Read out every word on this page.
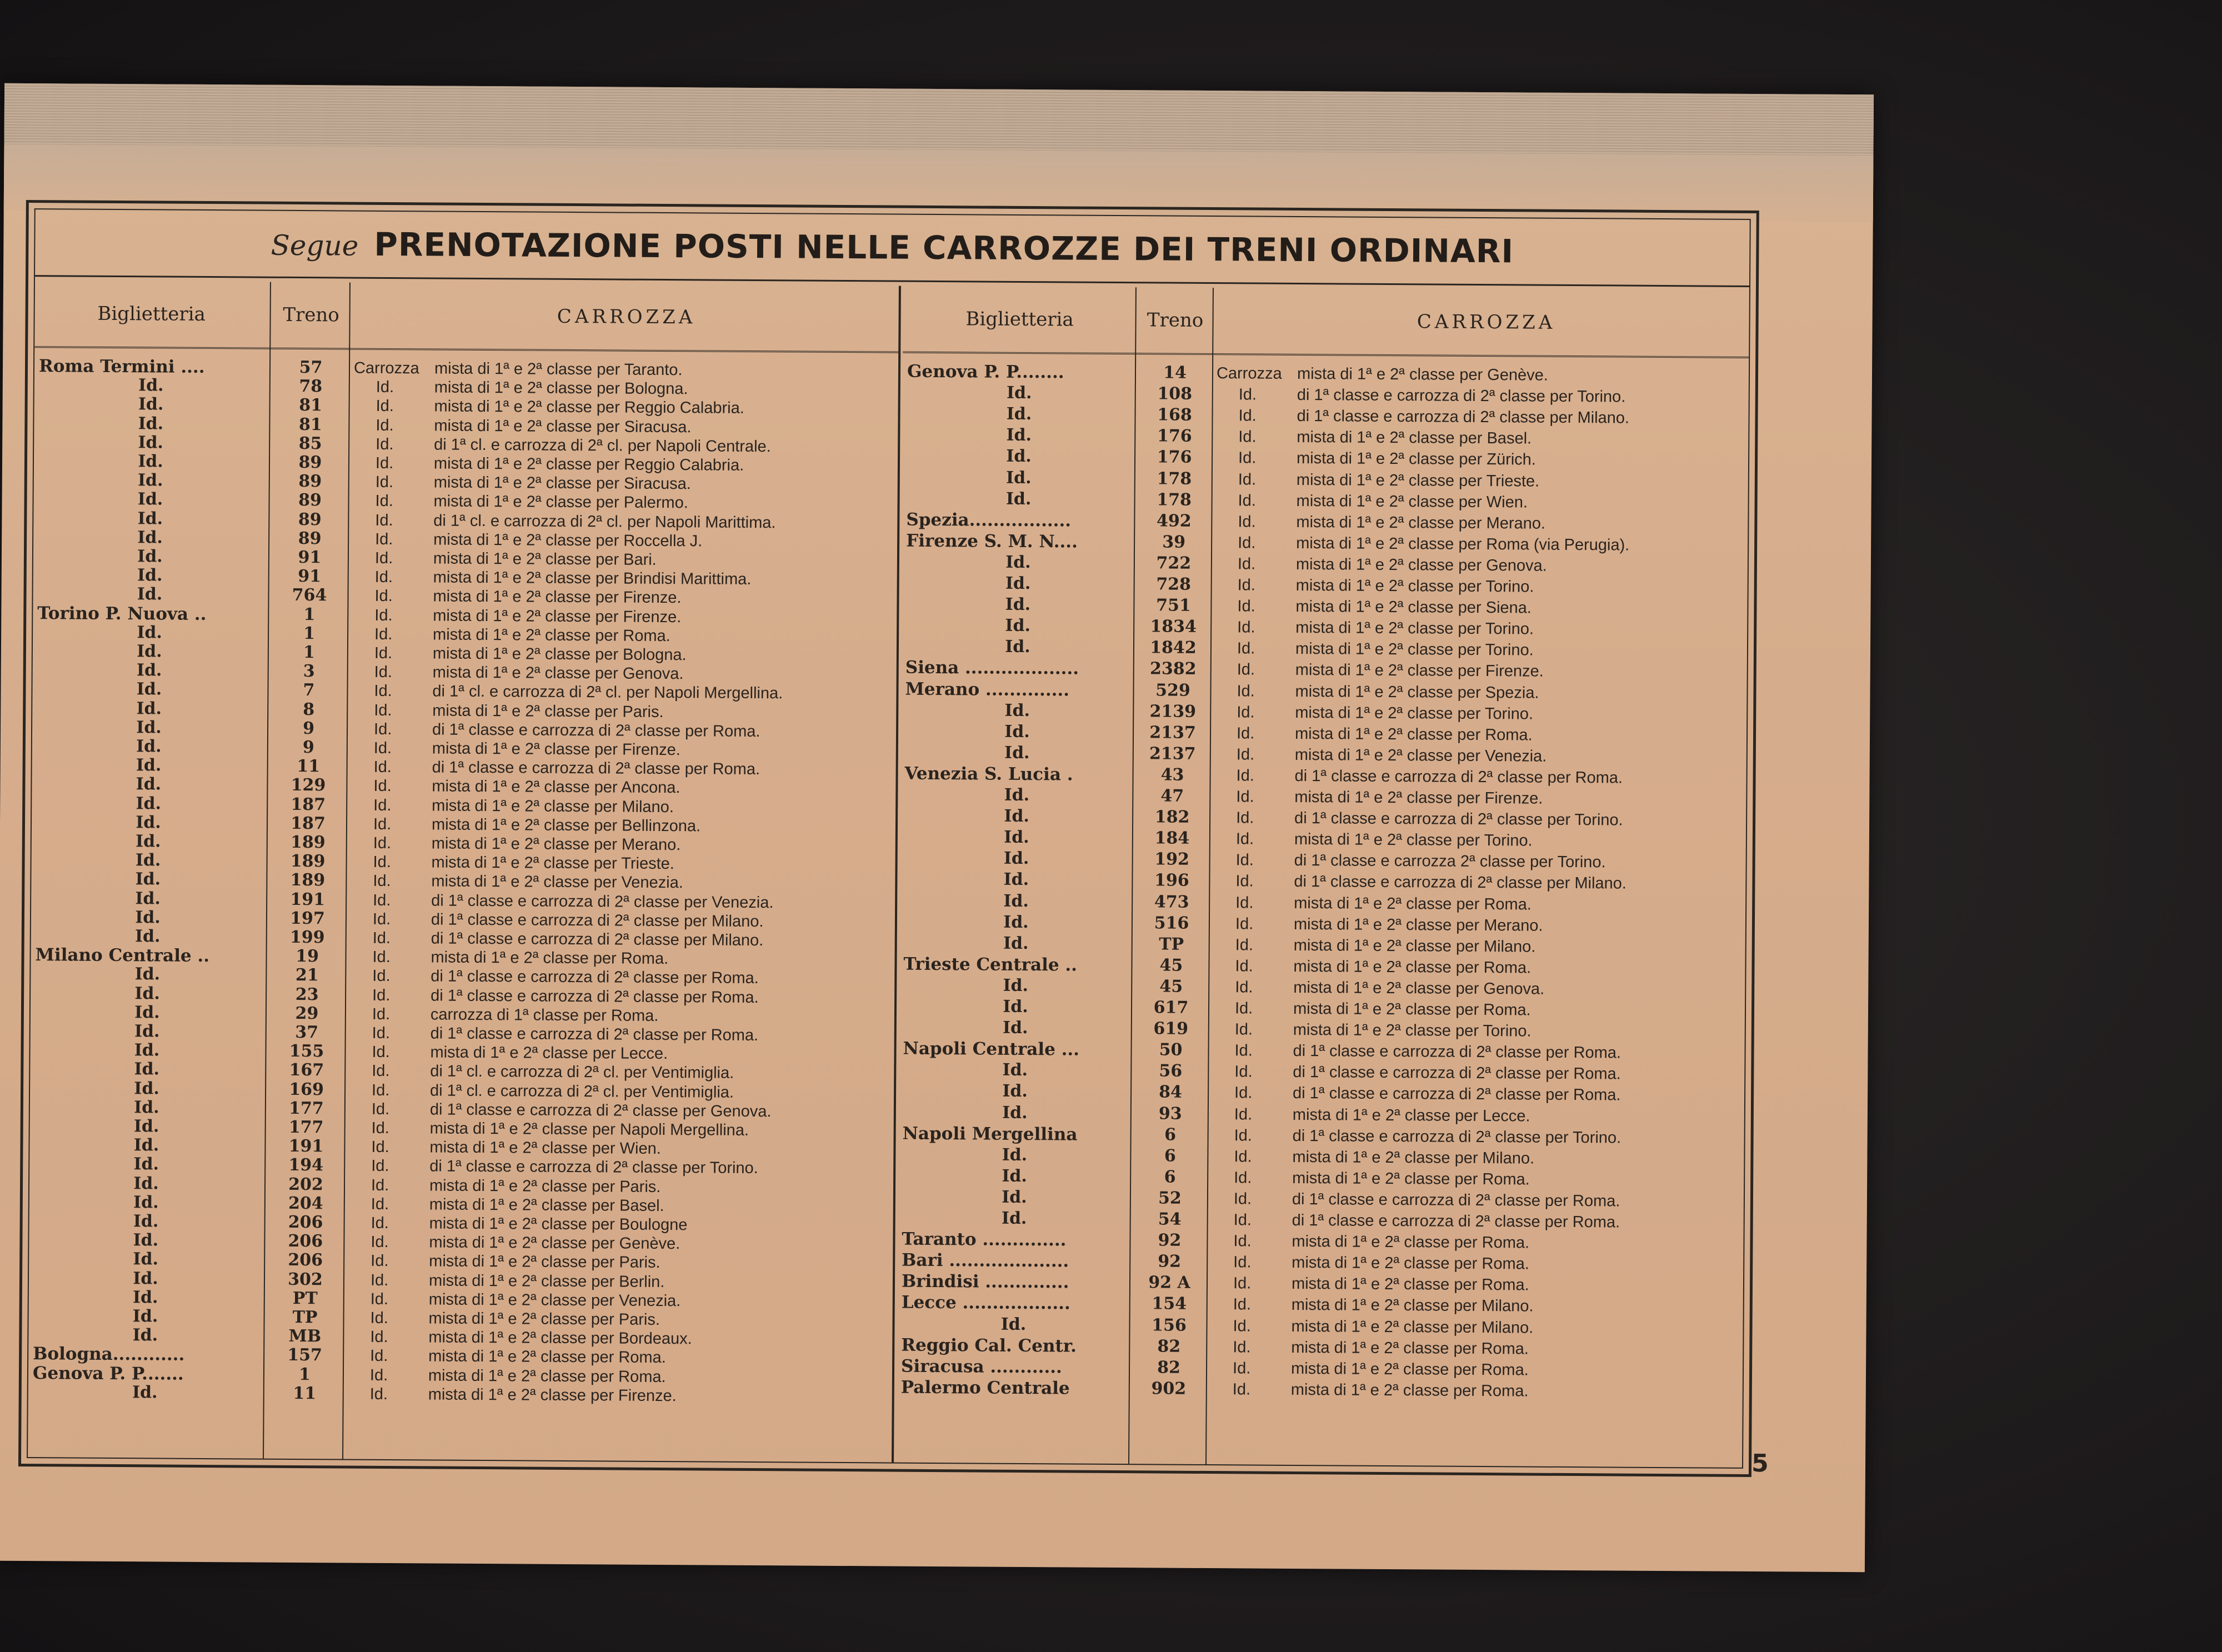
Segue PRENOTAZIONE POSTI NELLE CARROZZE DEI TRENI ORDINARI
Biglietteria	Treno	CARROZZA
Roma Termini ....	57	Carrozza mista di 1ª e 2ª classe per Taranto.
Id.	78	Id.	mista di 1ª e 2ª classe per Bologna.
Id.	81	Id.	mista di 1ª e 2ª classe per Reggio Calabria.
Id.	81	Id.	mista di 1ª e 2ª classe per Siracusa.
Id.	85	Id.	di 1ª cl. e carrozza di 2ª cl. per Napoli Centrale.
Id.	89	Id.	mista di 1ª e 2ª classe per Reggio Calabria.
Id.	89	Id.	mista di 1ª e 2ª classe per Siracusa.
Id.	89	Id.	mista di 1ª e 2ª classe per Palermo.
Id.	89	Id.	di 1ª cl. e carrozza di 2ª cl. per Napoli Marittima.
Id.	89	Id.	mista di 1ª e 2ª classe per Roccella J.
Id.	91	Id.	mista di 1ª e 2ª classe per Bari.
Id.	91	Id.	mista di 1ª e 2ª classe per Brindisi Marittima.
Id.	764	Id.	mista di 1ª e 2ª classe per Firenze.
Torino P. Nuova ..	1	Id.	mista di 1ª e 2ª classe per Firenze.
Id.	1	Id.	mista di 1ª e 2ª classe per Roma.
Id.	1	Id.	mista di 1ª e 2ª classe per Bologna.
Id.	3	Id.	mista di 1ª e 2ª classe per Genova.
Id.	7	Id.	di 1ª cl. e carrozza di 2ª cl. per Napoli Mergellina.
Id.	8	Id.	mista di 1ª e 2ª classe per Paris.
Id.	9	Id.	di 1ª classe e carrozza di 2ª classe per Roma.
Id.	9	Id.	mista di 1ª e 2ª classe per Firenze.
Id.	11	Id.	di 1ª classe e carrozza di 2ª classe per Roma.
Id.	129	Id.	mista di 1ª e 2ª classe per Ancona.
Id.	187	Id.	mista di 1ª e 2ª classe per Milano.
Id.	187	Id.	mista di 1ª e 2ª classe per Bellinzona.
Id.	189	Id.	mista di 1ª e 2ª classe per Merano.
Id.	189	Id.	mista di 1ª e 2ª classe per Trieste.
Id.	189	Id.	mista di 1ª e 2ª classe per Venezia.
Id.	191	Id.	di 1ª classe e carrozza di 2ª classe per Venezia.
Id.	197	Id.	di 1ª classe e carrozza di 2ª classe per Milano.
Id.	199	Id.	di 1ª classe e carrozza di 2ª classe per Milano.
Milano Centrale ..	19	Id.	mista di 1ª e 2ª classe per Roma.
Id.	21	Id.	di 1ª classe e carrozza di 2ª classe per Roma.
Id.	23	Id.	di 1ª classe e carrozza di 2ª classe per Roma.
Id.	29	Id.	carrozza di 1ª classe per Roma.
Id.	37	Id.	di 1ª classe e carrozza di 2ª classe per Roma.
Id.	155	Id.	mista di 1ª e 2ª classe per Lecce.
Id.	167	Id.	di 1ª cl. e carrozza di 2ª cl. per Ventimiglia.
Id.	169	Id.	di 1ª cl. e carrozza di 2ª cl. per Ventimiglia.
Id.	177	Id.	di 1ª classe e carrozza di 2ª classe per Genova.
Id.	177	Id.	mista di 1ª e 2ª classe per Napoli Mergellina.
Id.	191	Id.	mista di 1ª e 2ª classe per Wien.
Id.	194	Id.	di 1ª classe e carrozza di 2ª classe per Torino.
Id.	202	Id.	mista di 1ª e 2ª classe per Paris.
Id.	204	Id.	mista di 1ª e 2ª classe per Basel.
Id.	206	Id.	mista di 1ª e 2ª classe per Boulogne
Id.	206	Id.	mista di 1ª e 2ª classe per Genève.
Id.	206	Id.	mista di 1ª e 2ª classe per Paris.
Id.	302	Id.	mista di 1ª e 2ª classe per Berlin.
Id.	PT	Id.	mista di 1ª e 2ª classe per Venezia.
Id.	TP	Id.	mista di 1ª e 2ª classe per Paris.
Id.	MB	Id.	mista di 1ª e 2ª classe per Bordeaux.
Bologna............	157	Id.	mista di 1ª e 2ª classe per Roma.
Genova P. P.......	1	Id.	mista di 1ª e 2ª classe per Roma.
Id.	11	Id.	mista di 1ª e 2ª classe per Firenze.
Biglietteria	Treno	CARROZZA
Genova P. P........	14	Carrozza mista di 1ª e 2ª classe per Genève.
Id.	108	Id.	di 1ª classe e carrozza di 2ª classe per Torino.
Id.	168	Id.	di 1ª classe e carrozza di 2ª classe per Milano.
Id.	176	Id.	mista di 1ª e 2ª classe per Basel.
Id.	176	Id.	mista di 1ª e 2ª classe per Zürich.
Id.	178	Id.	mista di 1ª e 2ª classe per Trieste.
Id.	178	Id.	mista di 1ª e 2ª classe per Wien.
Spezia.................	492	Id.	mista di 1ª e 2ª classe per Merano.
Firenze S. M. N....	39	Id.	mista di 1ª e 2ª classe per Roma (via Perugia).
Id.	722	Id.	mista di 1ª e 2ª classe per Genova.
Id.	728	Id.	mista di 1ª e 2ª classe per Torino.
Id.	751	Id.	mista di 1ª e 2ª classe per Siena.
Id.	1834	Id.	mista di 1ª e 2ª classe per Torino.
Id.	1842	Id.	mista di 1ª e 2ª classe per Torino.
Siena ...................	2382	Id.	mista di 1ª e 2ª classe per Firenze.
Merano ..............	529	Id.	mista di 1ª e 2ª classe per Spezia.
Id.	2139	Id.	mista di 1ª e 2ª classe per Torino.
Id.	2137	Id.	mista di 1ª e 2ª classe per Roma.
Id.	2137	Id.	mista di 1ª e 2ª classe per Venezia.
Venezia S. Lucia .	43	Id.	di 1ª classe e carrozza di 2ª classe per Roma.
Id.	47	Id.	mista di 1ª e 2ª classe per Firenze.
Id.	182	Id.	di 1ª classe e carrozza di 2ª classe per Torino.
Id.	184	Id.	mista di 1ª e 2ª classe per Torino.
Id.	192	Id.	di 1ª classe e carrozza 2ª classe per Torino.
Id.	196	Id.	di 1ª classe e carrozza di 2ª classe per Milano.
Id.	473	Id.	mista di 1ª e 2ª classe per Roma.
Id.	516	Id.	mista di 1ª e 2ª classe per Merano.
Id.	TP	Id.	mista di 1ª e 2ª classe per Milano.
Trieste Centrale ..	45	Id.	mista di 1ª e 2ª classe per Roma.
Id.	45	Id.	mista di 1ª e 2ª classe per Genova.
Id.	617	Id.	mista di 1ª e 2ª classe per Roma.
Id.	619	Id.	mista di 1ª e 2ª classe per Torino.
Napoli Centrale ...	50	Id.	di 1ª classe e carrozza di 2ª classe per Roma.
Id.	56	Id.	di 1ª classe e carrozza di 2ª classe per Roma.
Id.	84	Id.	di 1ª classe e carrozza di 2ª classe per Roma.
Id.	93	Id.	mista di 1ª e 2ª classe per Lecce.
Napoli Mergellina	6	Id.	di 1ª classe e carrozza di 2ª classe per Torino.
Id.	6	Id.	mista di 1ª e 2ª classe per Milano.
Id.	6	Id.	mista di 1ª e 2ª classe per Roma.
Id.	52	Id.	di 1ª classe e carrozza di 2ª classe per Roma.
Id.	54	Id.	di 1ª classe e carrozza di 2ª classe per Roma.
Taranto ..............	92	Id.	mista di 1ª e 2ª classe per Roma.
Bari ....................	92	Id.	mista di 1ª e 2ª classe per Roma.
Brindisi ..............	92 A	Id.	mista di 1ª e 2ª classe per Roma.
Lecce ..................	154	Id.	mista di 1ª e 2ª classe per Milano.
Id.	156	Id.	mista di 1ª e 2ª classe per Milano.
Reggio Cal. Centr.	82	Id.	mista di 1ª e 2ª classe per Roma.
Siracusa ............	82	Id.	mista di 1ª e 2ª classe per Roma.
Palermo Centrale	902	Id.	mista di 1ª e 2ª classe per Roma.
5
